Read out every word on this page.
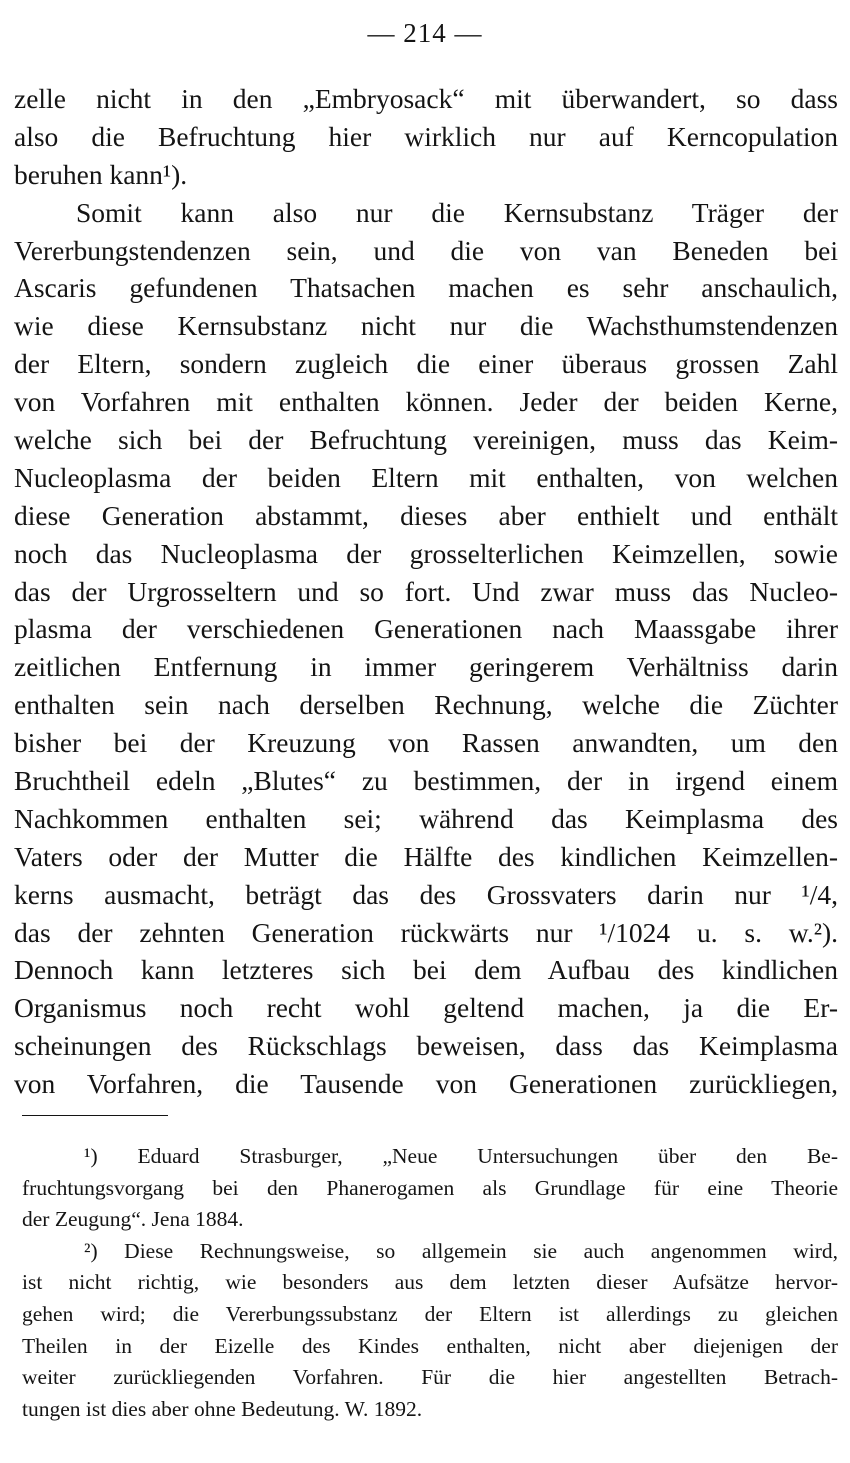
— 214 —
zelle nicht in den „Embryosack“ mit überwandert, so dass
also die Befruchtung hier wirklich nur auf Kerncopulation
beruhen kann¹).
Somit kann also nur die Kernsubstanz Träger der
Vererbungstendenzen sein, und die von van Beneden bei
Ascaris gefundenen Thatsachen machen es sehr anschaulich,
wie diese Kernsubstanz nicht nur die Wachsthumstendenzen
der Eltern, sondern zugleich die einer überaus grossen Zahl
von Vorfahren mit enthalten können. Jeder der beiden Kerne,
welche sich bei der Befruchtung vereinigen, muss das Keim-
Nucleoplasma der beiden Eltern mit enthalten, von welchen
diese Generation abstammt, dieses aber enthielt und enthält
noch das Nucleoplasma der grosselterlichen Keimzellen, sowie
das der Urgrosseltern und so fort. Und zwar muss das Nucleo-
plasma der verschiedenen Generationen nach Maassgabe ihrer
zeitlichen Entfernung in immer geringerem Verhältniss darin
enthalten sein nach derselben Rechnung, welche die Züchter
bisher bei der Kreuzung von Rassen anwandten, um den
Bruchtheil edeln „Blutes“ zu bestimmen, der in irgend einem
Nachkommen enthalten sei; während das Keimplasma des
Vaters oder der Mutter die Hälfte des kindlichen Keimzellen-
kerns ausmacht, beträgt das des Grossvaters darin nur ¹/4,
das der zehnten Generation rückwärts nur ¹/1024 u. s. w.²).
Dennoch kann letzteres sich bei dem Aufbau des kindlichen
Organismus noch recht wohl geltend machen, ja die Er-
scheinungen des Rückschlags beweisen, dass das Keimplasma
von Vorfahren, die Tausende von Generationen zurückliegen,
¹) Eduard Strasburger, „Neue Untersuchungen über den Be-
fruchtungsvorgang bei den Phanerogamen als Grundlage für eine Theorie
der Zeugung“. Jena 1884.
²) Diese Rechnungsweise, so allgemein sie auch angenommen wird,
ist nicht richtig, wie besonders aus dem letzten dieser Aufsätze hervor-
gehen wird; die Vererbungssubstanz der Eltern ist allerdings zu gleichen
Theilen in der Eizelle des Kindes enthalten, nicht aber diejenigen der
weiter zurückliegenden Vorfahren. Für die hier angestellten Betrach-
tungen ist dies aber ohne Bedeutung. W. 1892.
